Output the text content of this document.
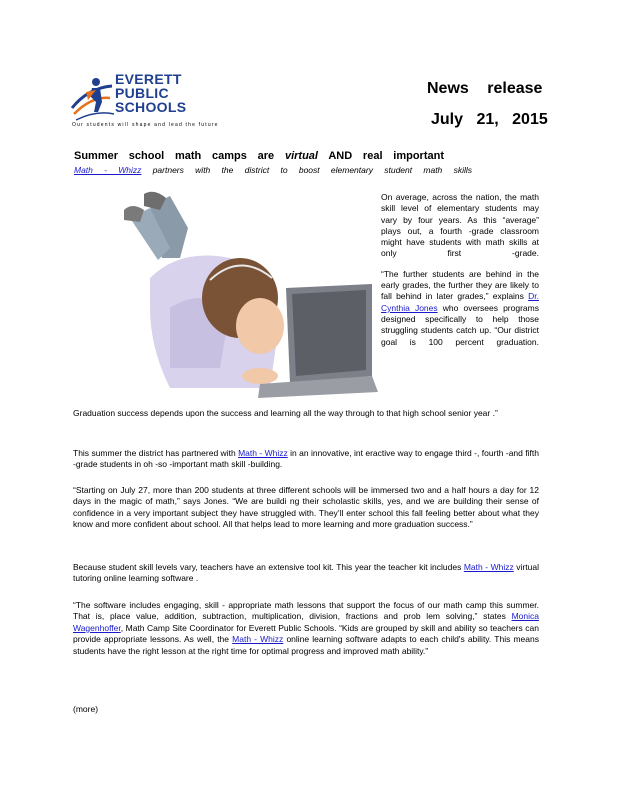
EVERETT
PUBLIC
SCHOOLS
Our students will shape and lead the future
News release
July 21, 2015
Summer school math camps are virtual AND real important
Math - Whizz partners with the district to boost elementary student math skills

On average, across the nation, the math skill level of elementary students may vary by four years. As this “average” plays out, a fourth -grade classroom might have students with math skills at only first -grade.

“The further students are behind in the early grades, the further they are likely to fall behind in later grades,” explains Dr. Cynthia Jones who oversees programs designed specifically to help those struggling students catch up. “Our district goal is 100 percent graduation.

Graduation success depends upon the success and learning all the way through to that high school senior year .”
This summer the district has partnered with Math - Whizz in an innovative, int eractive way to engage third -, fourth -and fifth -grade students in oh -so -important math skill -building.
“Starting on July 27, more than 200 students at three different schools will be immersed two and a half hours a day for 12 days in the magic of math,” says Jones. “We are buildi ng their scholastic skills, yes, and we are building their sense of confidence in a very important subject they have struggled with. They’ll enter school this fall feeling better about what they know and more confident about school. All that helps lead to more learning and more graduation success.”
Because student skill levels vary, teachers have an extensive tool kit. This year the teacher kit includes Math - Whizz virtual tutoring online learning software .
“The software includes engaging, skill - appropriate math lessons that support the focus of our math camp this summer. That is, place value, addition, subtraction, multiplication, division, fractions and prob lem solving,” states Monica Wagenhoffer, Math Camp Site Coordinator for Everett Public Schools. “Kids are grouped by skill and ability so teachers can provide appropriate lessons. As well, the Math - Whizz online learning software adapts to each child's ability. This means students have the right lesson at the right time for optimal progress and improved math ability.”
(more)
